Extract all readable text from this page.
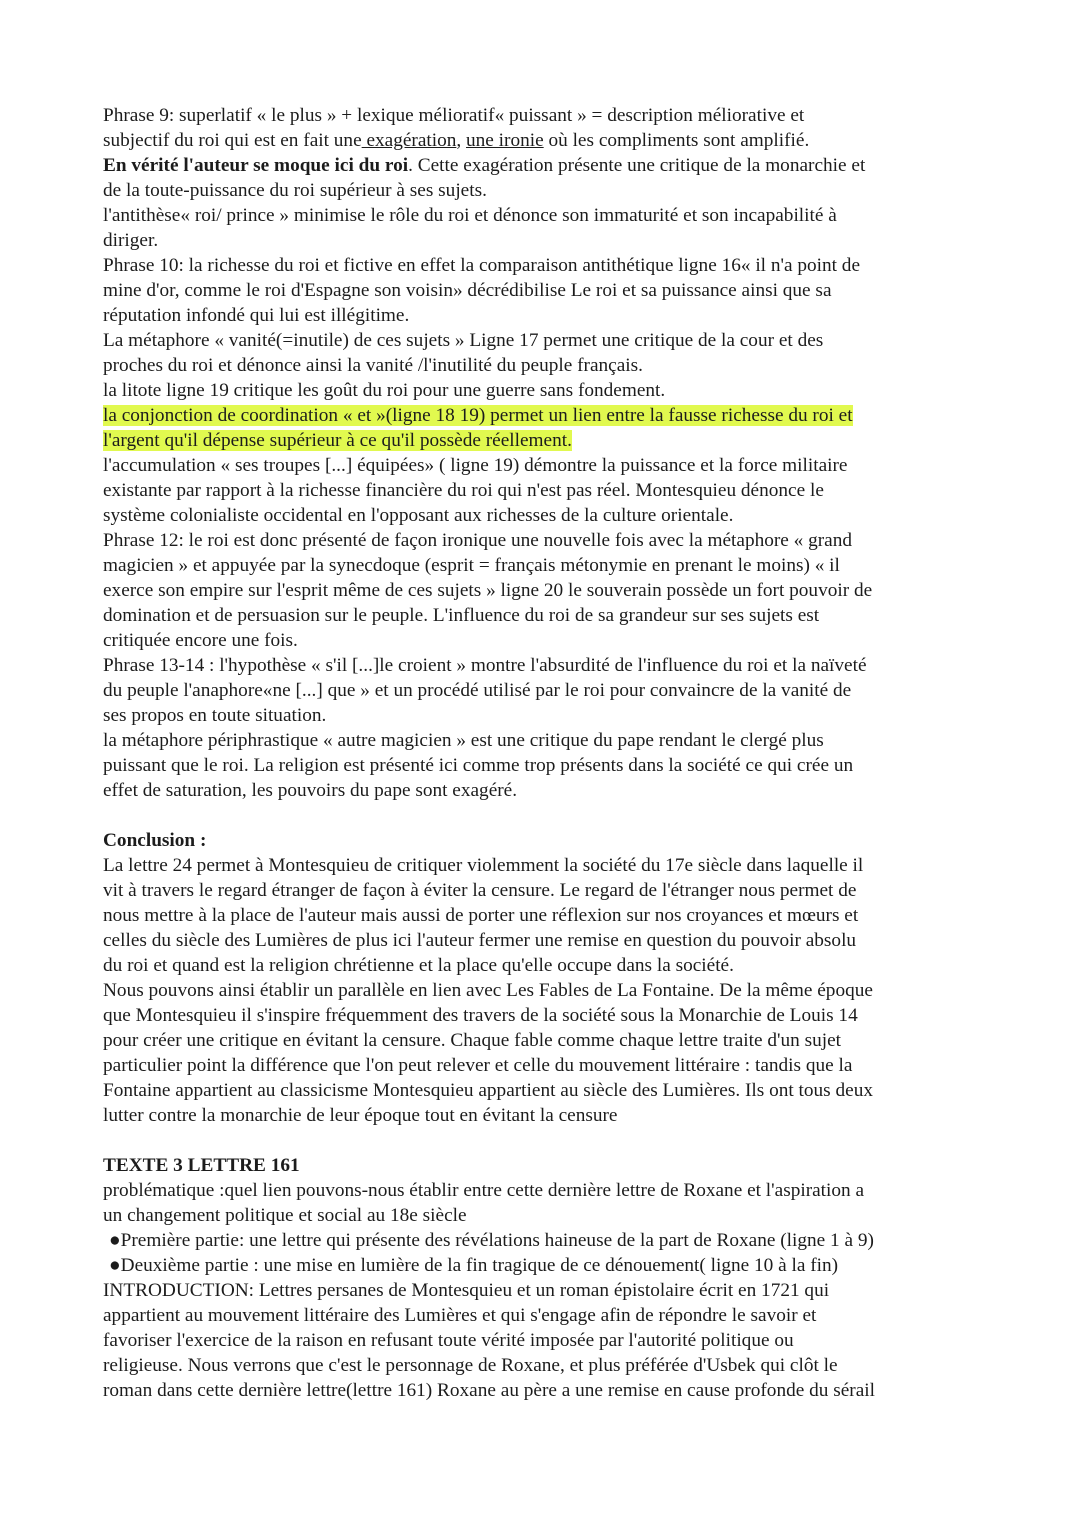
Phrase 9: superlatif « le plus » + lexique mélioratif« puissant » = description méliorative et
subjectif du roi qui est en fait une exagération, une ironie où les compliments sont amplifié.
En vérité l'auteur se moque ici du roi. Cette exagération présente une critique de la monarchie et
de la toute-puissance du roi supérieur à ses sujets.
l'antithèse« roi/ prince » minimise le rôle du roi et dénonce son immaturité et son incapabilité à
diriger.
Phrase 10: la richesse du roi et fictive en effet la comparaison antithétique ligne 16« il n'a point de
mine d'or, comme le roi d'Espagne son voisin» décrédibilise Le roi et sa puissance ainsi que sa
réputation infondé qui lui est illégitime.
La métaphore « vanité(=inutile) de ces sujets » Ligne 17 permet une critique de la cour et des
proches du roi et dénonce ainsi la vanité /l'inutilité du peuple français.
la litote ligne 19 critique les goût du roi pour une guerre sans fondement.
la conjonction de coordination « et »(ligne 18 19) permet un lien entre la fausse richesse du roi et
l'argent qu'il dépense supérieur à ce qu'il possède réellement.
l'accumulation « ses troupes [...] équipées» ( ligne 19) démontre la puissance et la force militaire
existante par rapport à la richesse financière du roi qui n'est pas réel. Montesquieu dénonce le
système colonialiste occidental en l'opposant aux richesses de la culture orientale.
Phrase 12: le roi est donc présenté de façon ironique une nouvelle fois avec la métaphore « grand
magicien » et appuyée par la synecdoque (esprit = français métonymie en prenant le moins) « il
exerce son empire sur l'esprit même de ces sujets » ligne 20 le souverain possède un fort pouvoir de
domination et de persuasion sur le peuple. L'influence du roi de sa grandeur sur ses sujets est
critiquée encore une fois.
Phrase 13-14 : l'hypothèse « s'il [...]le croient » montre l'absurdité de l'influence du roi et la naïveté
du peuple l'anaphore«ne [...] que » et un procédé utilisé par le roi pour convaincre de la vanité de
ses propos en toute situation.
la métaphore périphrastique « autre magicien » est une critique du pape rendant le clergé plus
puissant que le roi. La religion est présenté ici comme trop présents dans la société ce qui crée un
effet de saturation, les pouvoirs du pape sont exagéré.
Conclusion :
La lettre 24 permet à Montesquieu de critiquer violemment la société du 17e siècle dans laquelle il
vit à travers le regard étranger de façon à éviter la censure. Le regard de l'étranger nous permet de
nous mettre à la place de l'auteur mais aussi de porter une réflexion sur nos croyances et mœurs et
celles du siècle des Lumières de plus ici l'auteur fermer une remise en question du pouvoir absolu
du roi et quand est la religion chrétienne et la place qu'elle occupe dans la société.
Nous pouvons ainsi établir un parallèle en lien avec Les Fables de La Fontaine. De la même époque
que Montesquieu il s'inspire fréquemment des travers de la société sous la Monarchie de Louis 14
pour créer une critique en évitant la censure. Chaque fable comme chaque lettre traite d'un sujet
particulier point la différence que l'on peut relever et celle du mouvement littéraire : tandis que la
Fontaine appartient au classicisme Montesquieu appartient au siècle des Lumières. Ils ont tous deux
lutter contre la monarchie de leur époque tout en évitant la censure
TEXTE 3 LETTRE 161
problématique :quel lien pouvons-nous établir entre cette dernière lettre de Roxane et l'aspiration a
un changement politique et social au 18e siècle
●Première partie: une lettre qui présente des révélations haineuse de la part de Roxane (ligne 1 à 9)
●Deuxième partie : une mise en lumière de la fin tragique de ce dénouement( ligne 10 à la fin)
INTRODUCTION: Lettres persanes de Montesquieu et un roman épistolaire écrit en 1721 qui
appartient au mouvement littéraire des Lumières et qui s'engage afin de répondre le savoir et
favoriser l'exercice de la raison en refusant toute vérité imposée par l'autorité politique ou
religieuse. Nous verrons que c'est le personnage de Roxane, et plus préférée d'Usbek qui clôt le
roman dans cette dernière lettre(lettre 161) Roxane au père a une remise en cause profonde du sérail
